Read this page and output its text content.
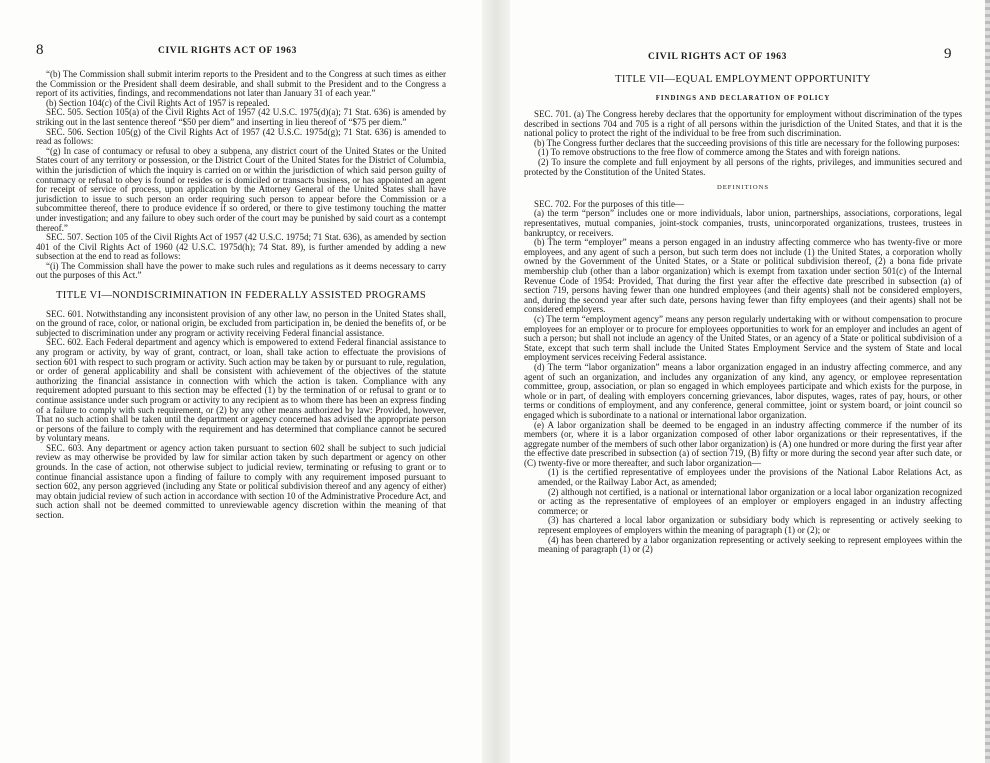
8	CIVIL RIGHTS ACT OF 1963

“(b) The Commission shall submit interim reports to the President and to the Congress at such times as either the Commission or the President shall deem desirable, and shall submit to the President and to the Congress a report of its activities, findings, and recommendations not later than January 31 of each year.”

(b) Section 104(c) of the Civil Rights Act of 1957 is repealed.

SEC. 505. Section 105(a) of the Civil Rights Act of 1957 (42 U.S.C. 1975(d)(a); 71 Stat. 636) is amended by striking out in the last sentence thereof “$50 per diem” and inserting in lieu thereof of “$75 per diem.”

SEC. 506. Section 105(g) of the Civil Rights Act of 1957 (42 U.S.C. 1975d(g); 71 Stat. 636) is amended to read as follows:

“(g) In case of contumacy or refusal to obey a subpena, any district court of the United States or the United States court of any territory or possession, or the District Court of the United States for the District of Columbia, within the jurisdiction of which the inquiry is carried on or within the jurisdiction of which said person guilty of contumacy or refusal to obey is found or resides or is domiciled or transacts business, or has appointed an agent for receipt of service of process, upon application by the Attorney General of the United States shall have jurisdiction to issue to such person an order requiring such person to appear before the Commission or a subcommittee thereof, there to produce evidence if so ordered, or there to give testimony touching the matter under investigation; and any failure to obey such order of the court may be punished by said court as a contempt thereof.”

SEC. 507. Section 105 of the Civil Rights Act of 1957 (42 U.S.C. 1975d; 71 Stat. 636), as amended by section 401 of the Civil Rights Act of 1960 (42 U.S.C. 1975d(h); 74 Stat. 89), is further amended by adding a new subsection at the end to read as follows:

“(i) The Commission shall have the power to make such rules and regulations as it deems necessary to carry out the purposes of this Act.”

TITLE VI—NONDISCRIMINATION IN FEDERALLY ASSISTED PROGRAMS

SEC. 601. Notwithstanding any inconsistent provision of any other law, no person in the United States shall, on the ground of race, color, or national origin, be excluded from participation in, be denied the benefits of, or be subjected to discrimination under any program or activity receiving Federal financial assistance.

SEC. 602. Each Federal department and agency which is empowered to extend Federal financial assistance to any program or activity, by way of grant, contract, or loan, shall take action to effectuate the provisions of section 601 with respect to such program or activity. Such action may be taken by or pursuant to rule, regulation, or order of general applicability and shall be consistent with achievement of the objectives of the statute authorizing the financial assistance in connection with which the action is taken. Compliance with any requirement adopted pursuant to this section may be effected (1) by the termination of or refusal to grant or to continue assistance under such program or activity to any recipient as to whom there has been an express finding of a failure to comply with such requirement, or (2) by any other means authorized by law: Provided, however, That no such action shall be taken until the department or agency concerned has advised the appropriate person or persons of the failure to comply with the requirement and has determined that compliance cannot be secured by voluntary means.

SEC. 603. Any department or agency action taken pursuant to section 602 shall be subject to such judicial review as may otherwise be provided by law for similar action taken by such department or agency on other grounds. In the case of action, not otherwise subject to judicial review, terminating or refusing to grant or to continue financial assistance upon a finding of failure to comply with any requirement imposed pursuant to section 602, any person aggrieved (including any State or political subdivision thereof and any agency of either) may obtain judicial review of such action in accordance with section 10 of the Administrative Procedure Act, and such action shall not be deemed committed to unreviewable agency discretion within the meaning of that section.

CIVIL RIGHTS ACT OF 1963	9

TITLE VII—EQUAL EMPLOYMENT OPPORTUNITY

FINDINGS AND DECLARATION OF POLICY

SEC. 701. (a) The Congress hereby declares that the opportunity for employment without discrimination of the types described in sections 704 and 705 is a right of all persons within the jurisdiction of the United States, and that it is the national policy to protect the right of the individual to be free from such discrimination.

(b) The Congress further declares that the succeeding provisions of this title are necessary for the following purposes:

(1) To remove obstructions to the free flow of commerce among the States and with foreign nations.

(2) To insure the complete and full enjoyment by all persons of the rights, privileges, and immunities secured and protected by the Constitution of the United States.

DEFINITIONS

SEC. 702. For the purposes of this title—

(a) the term “person” includes one or more individuals, labor union, partnerships, associations, corporations, legal representatives, mutual companies, joint-stock companies, trusts, unincorporated organizations, trustees, trustees in bankruptcy, or receivers.

(b) The term “employer” means a person engaged in an industry affecting commerce who has twenty-five or more employees, and any agent of such a person, but such term does not include (1) the United States, a corporation wholly owned by the Government of the United States, or a State or political subdivision thereof, (2) a bona fide private membership club (other than a labor organization) which is exempt from taxation under section 501(c) of the Internal Revenue Code of 1954: Provided, That during the first year after the effective date prescribed in subsection (a) of section 719, persons having fewer than one hundred employees (and their agents) shall not be considered employers, and, during the second year after such date, persons having fewer than fifty employees (and their agents) shall not be considered employers.

(c) The term “employment agency” means any person regularly undertaking with or without compensation to procure employees for an employer or to procure for employees opportunities to work for an employer and includes an agent of such a person; but shall not include an agency of the United States, or an agency of a State or political subdivision of a State, except that such term shall include the United States Employment Service and the system of State and local employment services receiving Federal assistance.

(d) The term “labor organization” means a labor organization engaged in an industry affecting commerce, and any agent of such an organization, and includes any organization of any kind, any agency, or employee representation committee, group, association, or plan so engaged in which employees participate and which exists for the purpose, in whole or in part, of dealing with employers concerning grievances, labor disputes, wages, rates of pay, hours, or other terms or conditions of employment, and any conference, general committee, joint or system board, or joint council so engaged which is subordinate to a national or international labor organization.

(e) A labor organization shall be deemed to be engaged in an industry affecting commerce if the number of its members (or, where it is a labor organization composed of other labor organizations or their representatives, if the aggregate number of the members of such other labor organization) is (A) one hundred or more during the first year after the effective date prescribed in subsection (a) of section 719, (B) fifty or more during the second year after such date, or (C) twenty-five or more thereafter, and such labor organization—

(1) is the certified representative of employees under the provisions of the National Labor Relations Act, as amended, or the Railway Labor Act, as amended;

(2) although not certified, is a national or international labor organization or a local labor organization recognized or acting as the representative of employees of an employer or employers engaged in an industry affecting commerce; or

(3) has chartered a local labor organization or subsidiary body which is representing or actively seeking to represent employees of employers within the meaning of paragraph (1) or (2); or

(4) has been chartered by a labor organization representing or actively seeking to represent employees within the meaning of paragraph (1) or (2)
